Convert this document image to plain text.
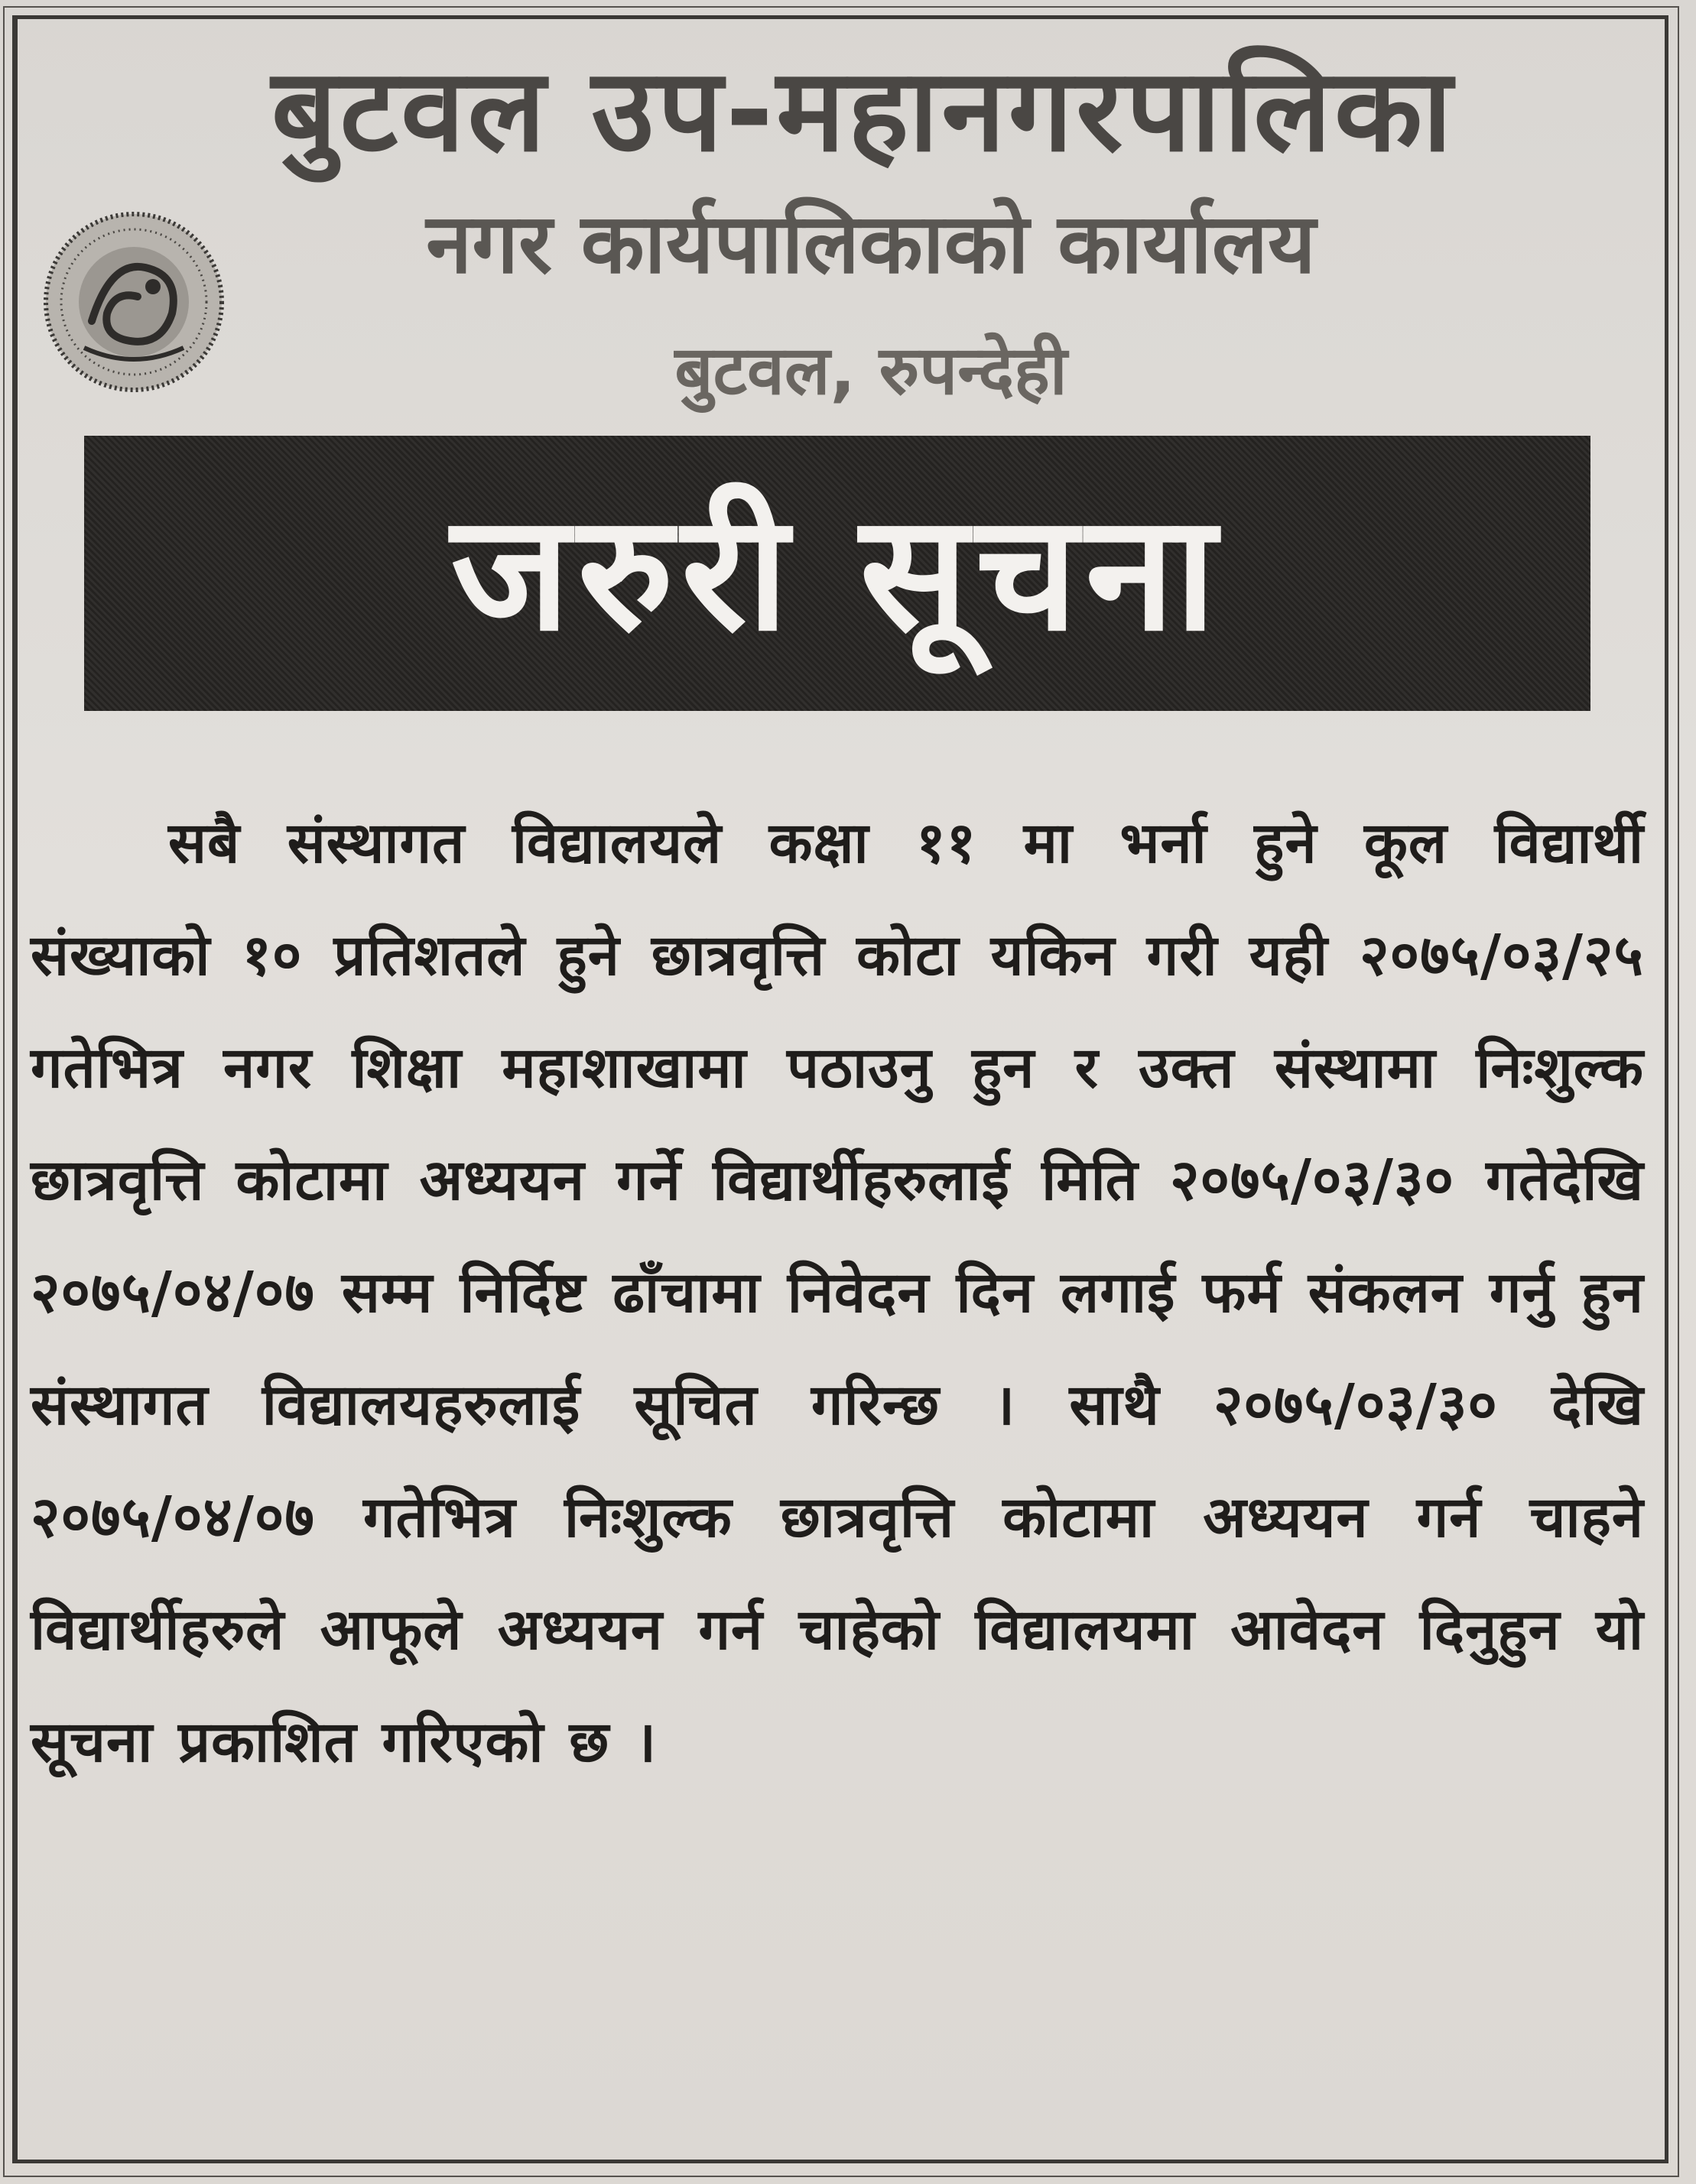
बुटवल उप-महानगरपालिका
नगर कार्यपालिकाको कार्यालय
बुटवल, रुपन्देही
जरुरी सूचना

सबै संस्थागत विद्यालयले कक्षा ११ मा भर्ना हुने कूल विद्यार्थी संख्याको १० प्रतिशतले हुने छात्रवृत्ति कोटा यकिन गरी यही २०७५/०३/२५ गतेभित्र नगर शिक्षा महाशाखामा पठाउनु हुन र उक्त संस्थामा निःशुल्क छात्रवृत्ति कोटामा अध्ययन गर्ने विद्यार्थीहरुलाई मिति २०७५/०३/३० गतेदेखि २०७५/०४/०७ सम्म निर्दिष्ट ढाँचामा निवेदन दिन लगाई फर्म संकलन गर्नु हुन संस्थागत विद्यालयहरुलाई सूचित गरिन्छ । साथै २०७५/०३/३० देखि २०७५/०४/०७ गतेभित्र निःशुल्क छात्रवृत्ति कोटामा अध्ययन गर्न चाहने विद्यार्थीहरुले आफूले अध्ययन गर्न चाहेको विद्यालयमा आवेदन दिनुहुन यो सूचना प्रकाशित गरिएको छ ।
